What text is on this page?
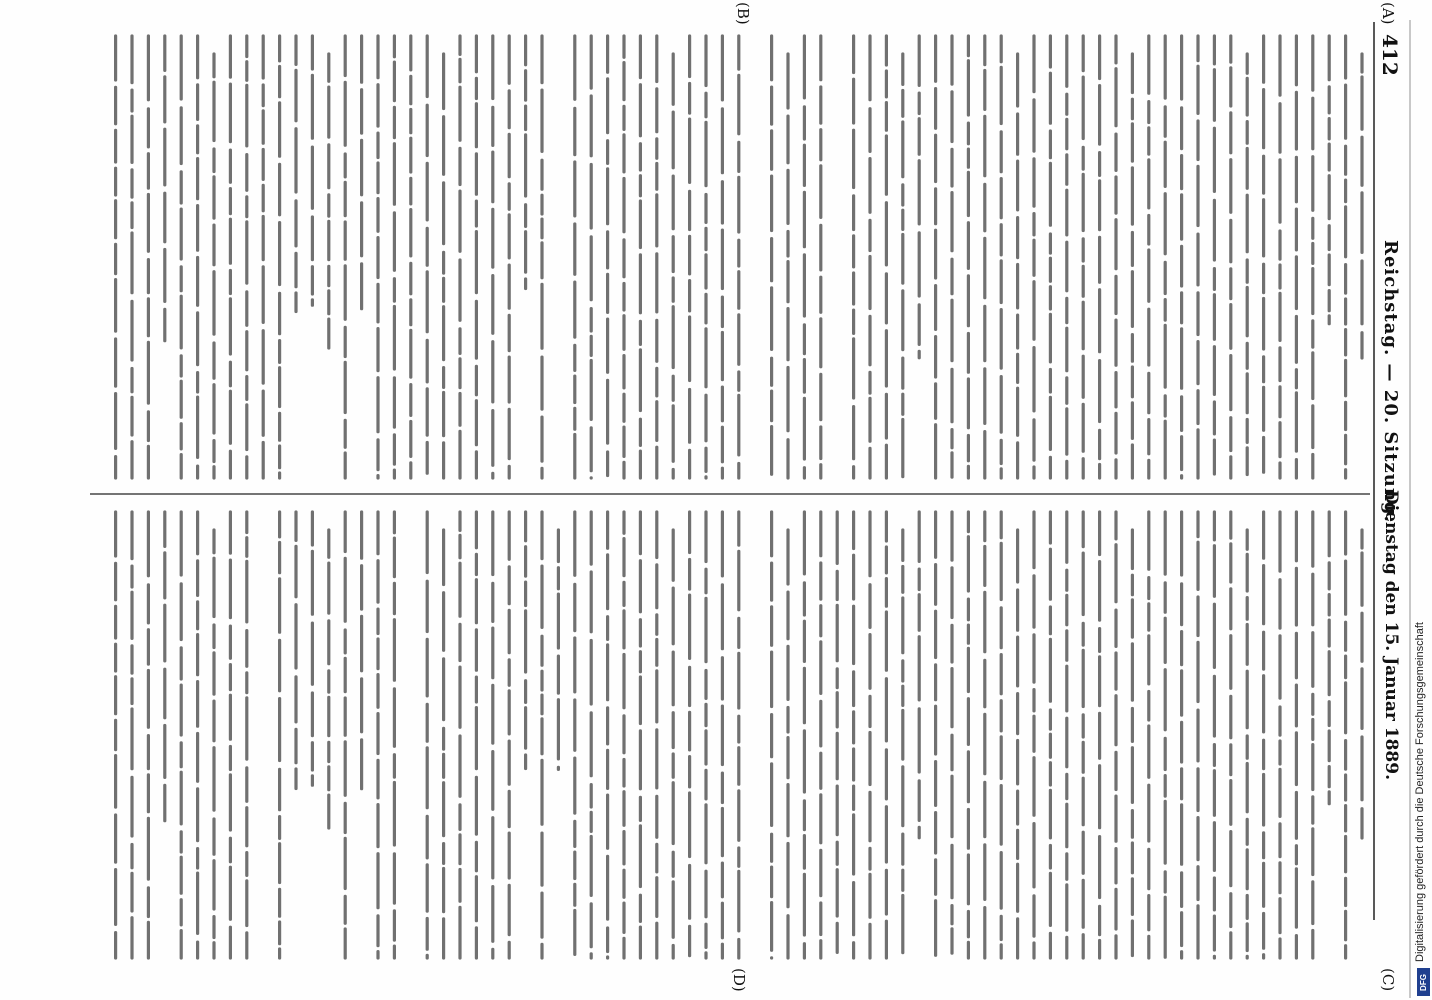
412
Reichstag. — 20. Sitzung.
Dienstag den 15. Januar 1889.
(A)
(B)
(C)
(D)
Digitalisierung gefördert durch die Deutsche Forschungsgemeinschaft
DFG
